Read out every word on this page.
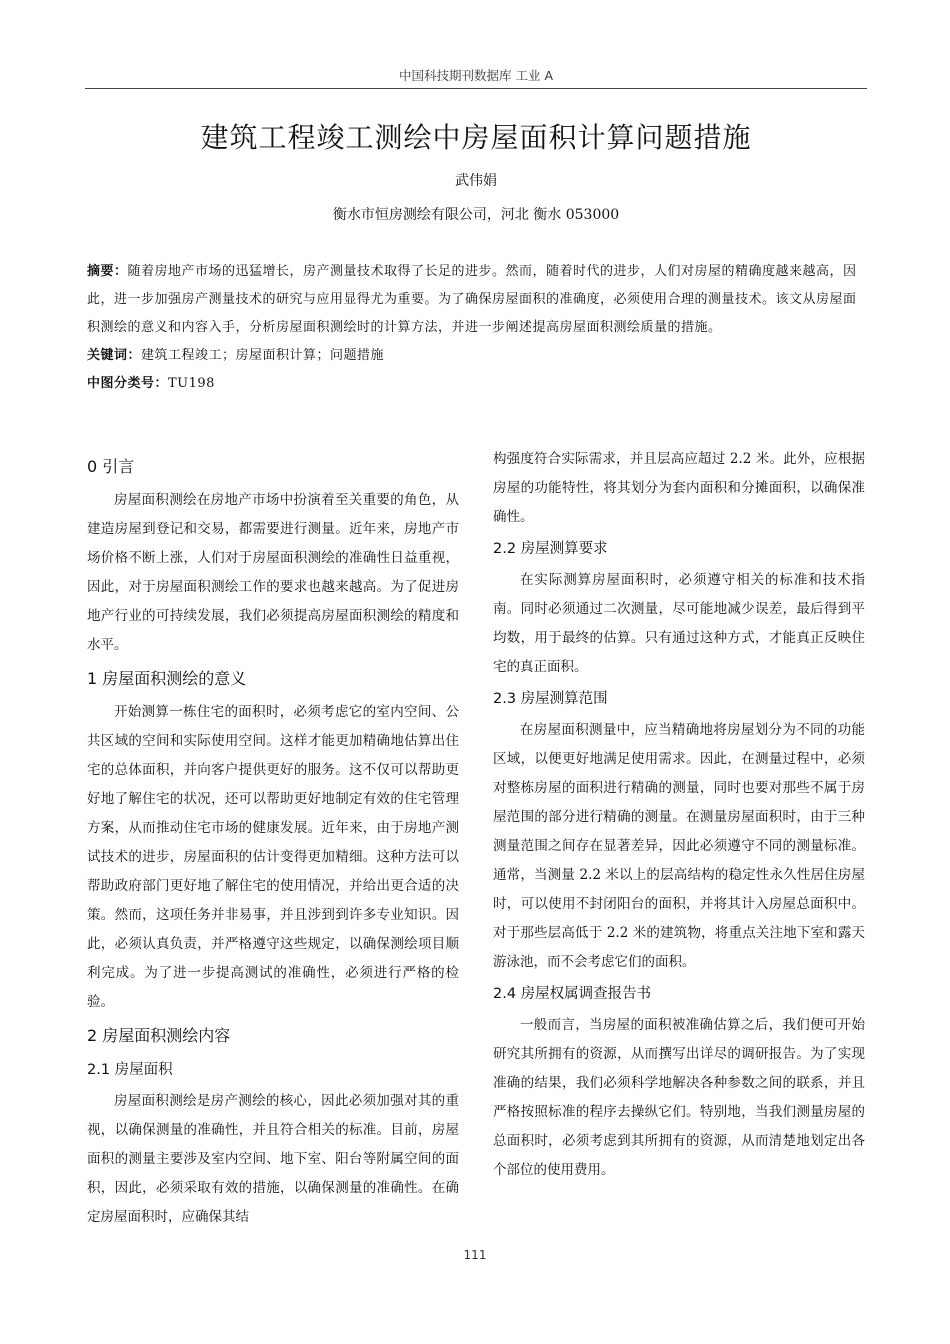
中国科技期刊数据库 工业 A
建筑工程竣工测绘中房屋面积计算问题措施
武伟娟
衡水市恒房测绘有限公司，河北 衡水 053000

摘要：随着房地产市场的迅猛增长，房产测量技术取得了长足的进步。然而，随着时代的进步，人们对房屋的精确度越来越高，因此，进一步加强房产测量技术的研究与应用显得尤为重要。为了确保房屋面积的准确度，必须使用合理的测量技术。该文从房屋面积测绘的意义和内容入手，分析房屋面积测绘时的计算方法，并进一步阐述提高房屋面积测绘质量的措施。

关键词：建筑工程竣工；房屋面积计算；问题措施

中图分类号：TU198

0 引言

房屋面积测绘在房地产市场中扮演着至关重要的角色，从建造房屋到登记和交易，都需要进行测量。近年来，房地产市场价格不断上涨，人们对于房屋面积测绘的准确性日益重视，因此，对于房屋面积测绘工作的要求也越来越高。为了促进房地产行业的可持续发展，我们必须提高房屋面积测绘的精度和水平。

1 房屋面积测绘的意义

开始测算一栋住宅的面积时，必须考虑它的室内空间、公共区域的空间和实际使用空间。这样才能更加精确地估算出住宅的总体面积，并向客户提供更好的服务。这不仅可以帮助更好地了解住宅的状况，还可以帮助更好地制定有效的住宅管理方案，从而推动住宅市场的健康发展。近年来，由于房地产测试技术的进步，房屋面积的估计变得更加精细。这种方法可以帮助政府部门更好地了解住宅的使用情况，并给出更合适的决策。然而，这项任务并非易事，并且涉到到许多专业知识。因此，必须认真负责，并严格遵守这些规定，以确保测绘项目顺利完成。为了进一步提高测试的准确性，必须进行严格的检验。

2 房屋面积测绘内容
2.1 房屋面积

房屋面积测绘是房产测绘的核心，因此必须加强对其的重视，以确保测量的准确性，并且符合相关的标准。目前，房屋面积的测量主要涉及室内空间、地下室、阳台等附属空间的面积，因此，必须采取有效的措施，以确保测量的准确性。在确定房屋面积时，应确保其结

构强度符合实际需求，并且层高应超过 2.2 米。此外，应根据房屋的功能特性，将其划分为套内面积和分摊面积，以确保准确性。

2.2 房屋测算要求

在实际测算房屋面积时，必须遵守相关的标准和技术指南。同时必须通过二次测量，尽可能地减少误差，最后得到平均数，用于最终的估算。只有通过这种方式，才能真正反映住宅的真正面积。

2.3 房屋测算范围

在房屋面积测量中，应当精确地将房屋划分为不同的功能区域，以便更好地满足使用需求。因此，在测量过程中，必须对整栋房屋的面积进行精确的测量，同时也要对那些不属于房屋范围的部分进行精确的测量。在测量房屋面积时，由于三种测量范围之间存在显著差异，因此必须遵守不同的测量标准。通常，当测量 2.2 米以上的层高结构的稳定性永久性居住房屋时，可以使用不封闭阳台的面积，并将其计入房屋总面积中。对于那些层高低于 2.2 米的建筑物，将重点关注地下室和露天游泳池，而不会考虑它们的面积。

2.4 房屋权属调查报告书

一般而言，当房屋的面积被准确估算之后，我们便可开始研究其所拥有的资源，从而撰写出详尽的调研报告。为了实现准确的结果，我们必须科学地解决各种参数之间的联系，并且严格按照标准的程序去操纵它们。特别地，当我们测量房屋的总面积时，必须考虑到其所拥有的资源，从而清楚地划定出各个部位的使用费用。

111
